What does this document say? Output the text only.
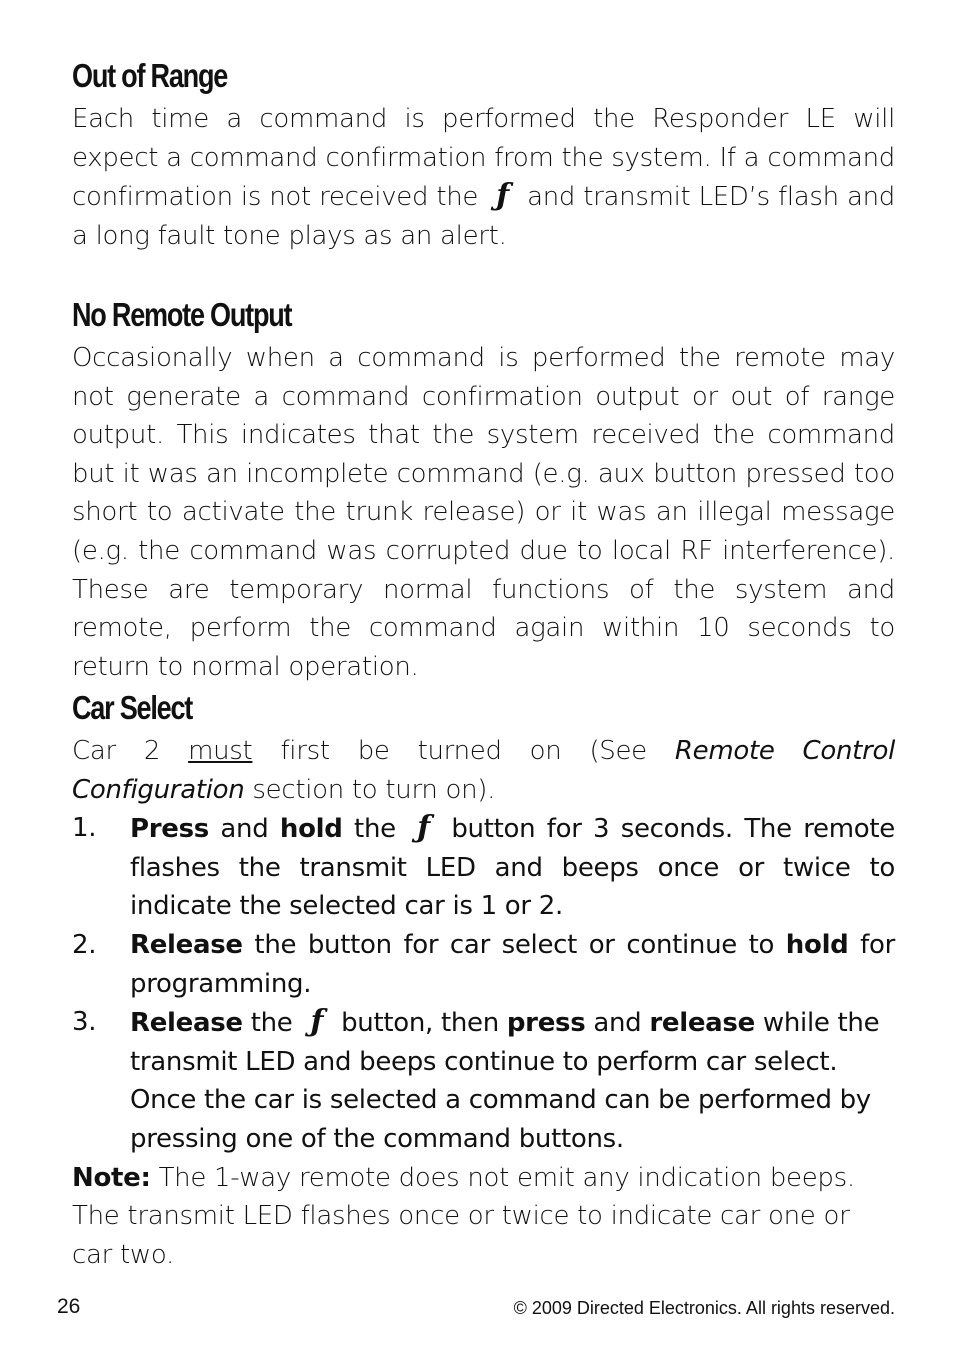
Out of Range

Each time a command is performed the Responder LE will expect a command confirmation from the system. If a command confirmation is not received the ƒ and transmit LED’s flash and a long fault tone plays as an alert.

No Remote Output

Occasionally when a command is performed the remote may not generate a command confirmation output or out of range output. This indicates that the system received the command but it was an incomplete command (e.g. aux button pressed too short to activate the trunk release) or it was an illegal message (e.g. the command was corrupted due to local RF interference). These are temporary normal functions of the system and remote, perform the command again within 10 seconds to return to normal operation.

Car Select

Car 2 must first be turned on (See Remote Control Configuration section to turn on).

1. Press and hold the ƒ button for 3 seconds. The remote flashes the transmit LED and beeps once or twice to indicate the selected car is 1 or 2.
2. Release the button for car select or continue to hold for programming.
3. Release the ƒ button, then press and release while the transmit LED and beeps continue to perform car select. Once the car is selected a command can be performed by pressing one of the command buttons.

Note: The 1-way remote does not emit any indication beeps. The transmit LED flashes once or twice to indicate car one or car two.

26	© 2009 Directed Electronics. All rights reserved.
